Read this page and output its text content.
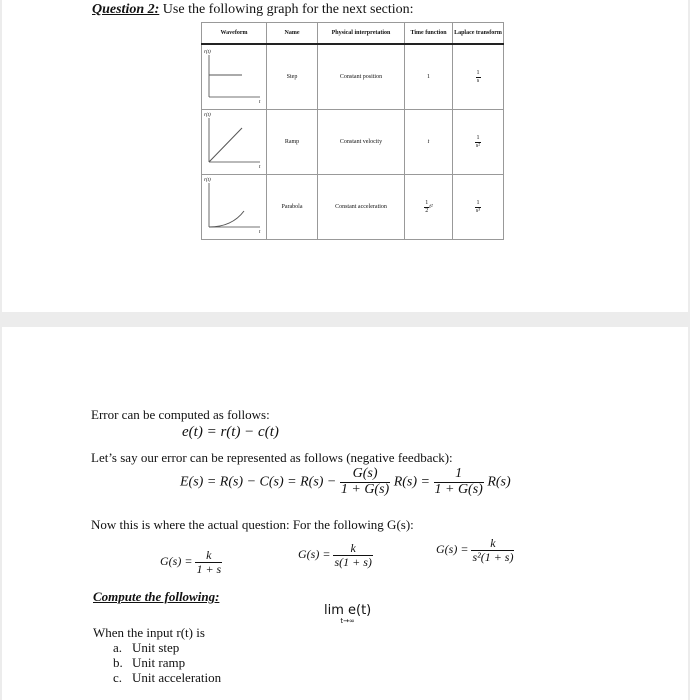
Question 2: Use the following graph for the next section:
Waveform	Name	Physical interpretation	Time function	Laplace transform

r(t)
t	Step	Constant position	1	$\frac{1}{s}$

r(t)
t	Ramp	Constant velocity	t	$\frac{1}{\text{s²}}$

r(t)
t	Parabola	Constant acceleration	$\frac{1}{2} t^2$	$\frac{1}{\text{s³}}$
Error can be computed as follows:
e(t) = r(t) − c(t)
Let’s say our error can be represented as follows (negative feedback):
$E(s) = R(s) - C(s) = R(s) - \frac{G(s)}{1 + G(s)} R(s) = \frac{1}{1 + G(s)} R(s)$
Now this is where the actual question: For the following G(s):
$G(s) = \frac{k}{1 + s}$	$G(s) = \frac{k}{s(1 + s)}$	$G(s) = \frac{k}{\text{s²(1 + s)}}$
Compute the following:
lim e(t)
t→∞
When the input r(t) is
a. Unit step
b. Unit ramp
c. Unit acceleration
